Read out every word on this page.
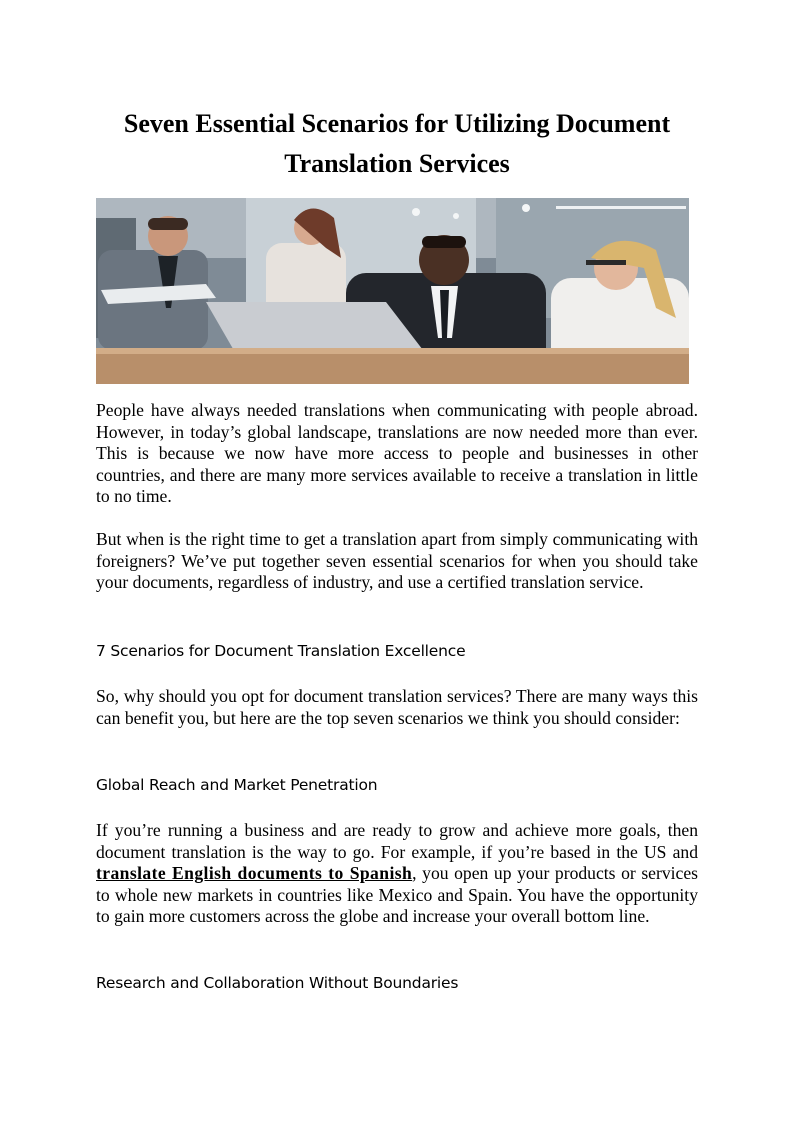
Seven Essential Scenarios for Utilizing Document Translation Services

People have always needed translations when communicating with people abroad. However, in today’s global landscape, translations are now needed more than ever. This is because we now have more access to people and businesses in other countries, and there are many more services available to receive a translation in little to no time.

But when is the right time to get a translation apart from simply communicating with foreigners? We’ve put together seven essential scenarios for when you should take your documents, regardless of industry, and use a certified translation service.

7 Scenarios for Document Translation Excellence

So, why should you opt for document translation services? There are many ways this can benefit you, but here are the top seven scenarios we think you should consider:

Global Reach and Market Penetration

If you’re running a business and are ready to grow and achieve more goals, then document translation is the way to go. For example, if you’re based in the US and translate English documents to Spanish, you open up your products or services to whole new markets in countries like Mexico and Spain. You have the opportunity to gain more customers across the globe and increase your overall bottom line.

Research and Collaboration Without Boundaries
